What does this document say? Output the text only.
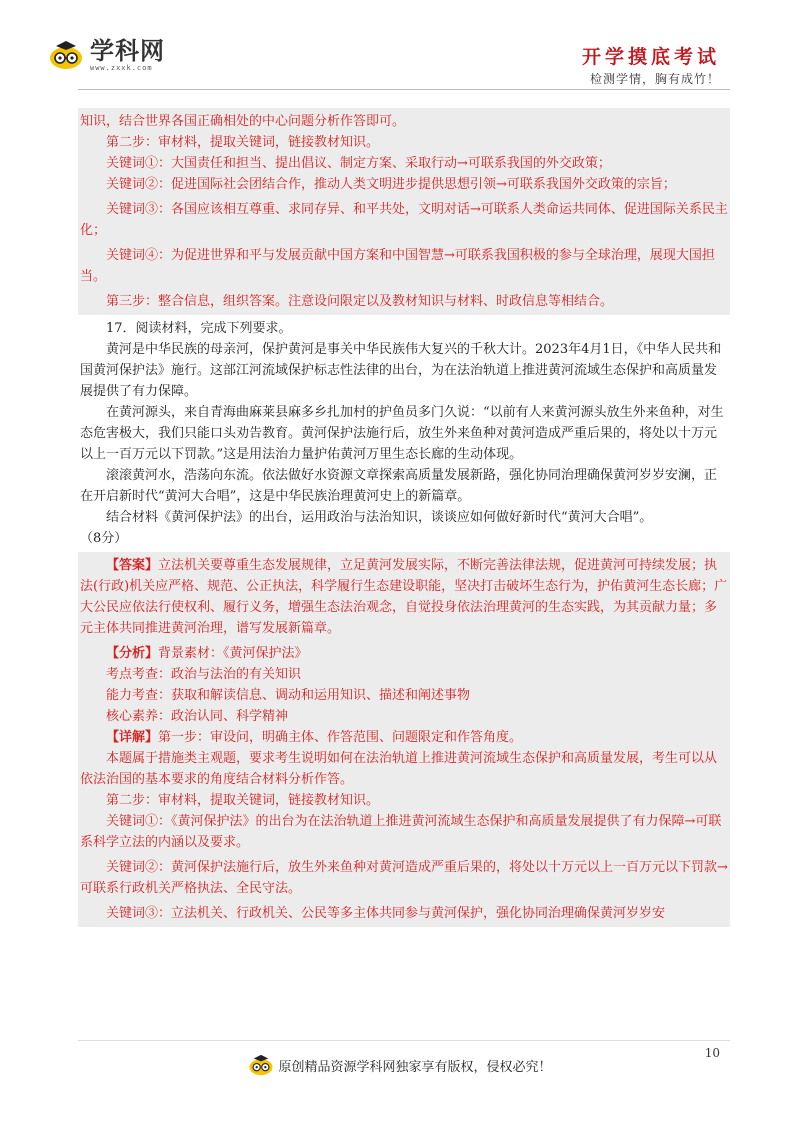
学科网
www.zxxk.com	开学摸底考试
检测学情，胸有成竹！

知识，结合世界各国正确相处的中心问题分析作答即可。

第二步：审材料，提取关键词，链接教材知识。

关键词①：大国责任和担当、提出倡议、制定方案、采取行动→可联系我国的外交政策；

关键词②：促进国际社会团结合作，推动人类文明进步提供思想引领→可联系我国外交政策的宗旨；

关键词③：各国应该相互尊重、求同存异、和平共处，文明对话→可联系人类命运共同体、促进国际关系民主化；

关键词④：为促进世界和平与发展贡献中国方案和中国智慧→可联系我国积极的参与全球治理，展现大国担当。

第三步：整合信息，组织答案。注意设问限定以及教材知识与材料、时政信息等相结合。

17．阅读材料，完成下列要求。

黄河是中华民族的母亲河，保护黄河是事关中华民族伟大复兴的千秋大计。2023年4月1日，《中华人民共和国黄河保护法》施行。这部江河流域保护标志性法律的出台，为在法治轨道上推进黄河流域生态保护和高质量发展提供了有力保障。

在黄河源头，来自青海曲麻莱县麻多乡扎加村的护鱼员多门久说：“以前有人来黄河源头放生外来鱼种，对生态危害极大，我们只能口头劝告教育。黄河保护法施行后，放生外来鱼种对黄河造成严重后果的，将处以十万元以上一百万元以下罚款。”这是用法治力量护佑黄河万里生态长廊的生动体现。

滚滚黄河水，浩荡向东流。依法做好水资源文章探索高质量发展新路，强化协同治理确保黄河岁岁安澜，正在开启新时代“黄河大合唱”，这是中华民族治理黄河史上的新篇章。

结合材料《黄河保护法》的出台，运用政治与法治知识，谈谈应如何做好新时代“黄河大合唱”。

（8分）

【答案】立法机关要尊重生态发展规律，立足黄河发展实际，不断完善法律法规，促进黄河可持续发展；执法(行政)机关应严格、规范、公正执法，科学履行生态建设职能，坚决打击破坏生态行为，护佑黄河生态长廊；广大公民应依法行使权利、履行义务，增强生态法治观念，自觉投身依法治理黄河的生态实践，为其贡献力量；多元主体共同推进黄河治理，谱写发展新篇章。

【分析】背景素材：《黄河保护法》

考点考查：政治与法治的有关知识

能力考查：获取和解读信息、调动和运用知识、描述和阐述事物

核心素养：政治认同、科学精神

【详解】第一步：审设问，明确主体、作答范围、问题限定和作答角度。

本题属于措施类主观题，要求考生说明如何在法治轨道上推进黄河流域生态保护和高质量发展，考生可以从依法治国的基本要求的角度结合材料分析作答。

第二步：审材料，提取关键词，链接教材知识。

关键词①：《黄河保护法》的出台为在法治轨道上推进黄河流域生态保护和高质量发展提供了有力保障→可联系科学立法的内涵以及要求。

关键词②：黄河保护法施行后，放生外来鱼种对黄河造成严重后果的，将处以十万元以上一百万元以下罚款→可联系行政机关严格执法、全民守法。

关键词③：立法机关、行政机关、公民等多主体共同参与黄河保护，强化协同治理确保黄河岁岁安

10
原创精品资源学科网独家享有版权，侵权必究！
